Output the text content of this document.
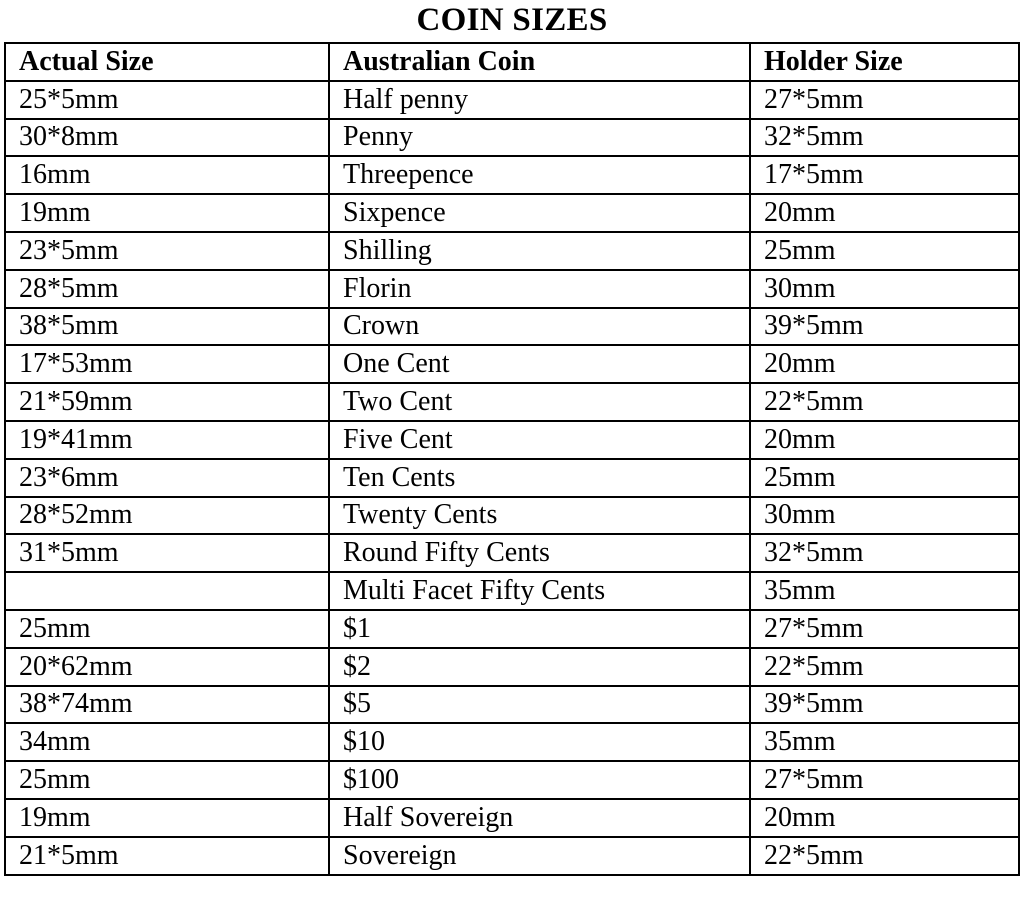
COIN SIZES
Actual Size	Australian Coin	Holder Size
25*5mm	Half penny	27*5mm
30*8mm	Penny	32*5mm
16mm	Threepence	17*5mm
19mm	Sixpence	20mm
23*5mm	Shilling	25mm
28*5mm	Florin	30mm
38*5mm	Crown	39*5mm
17*53mm	One Cent	20mm
21*59mm	Two Cent	22*5mm
19*41mm	Five Cent	20mm
23*6mm	Ten Cents	25mm
28*52mm	Twenty Cents	30mm
31*5mm	Round Fifty Cents	32*5mm
	Multi Facet Fifty Cents	35mm
25mm	$1	27*5mm
20*62mm	$2	22*5mm
38*74mm	$5	39*5mm
34mm	$10	35mm
25mm	$100	27*5mm
19mm	Half Sovereign	20mm
21*5mm	Sovereign	22*5mm
